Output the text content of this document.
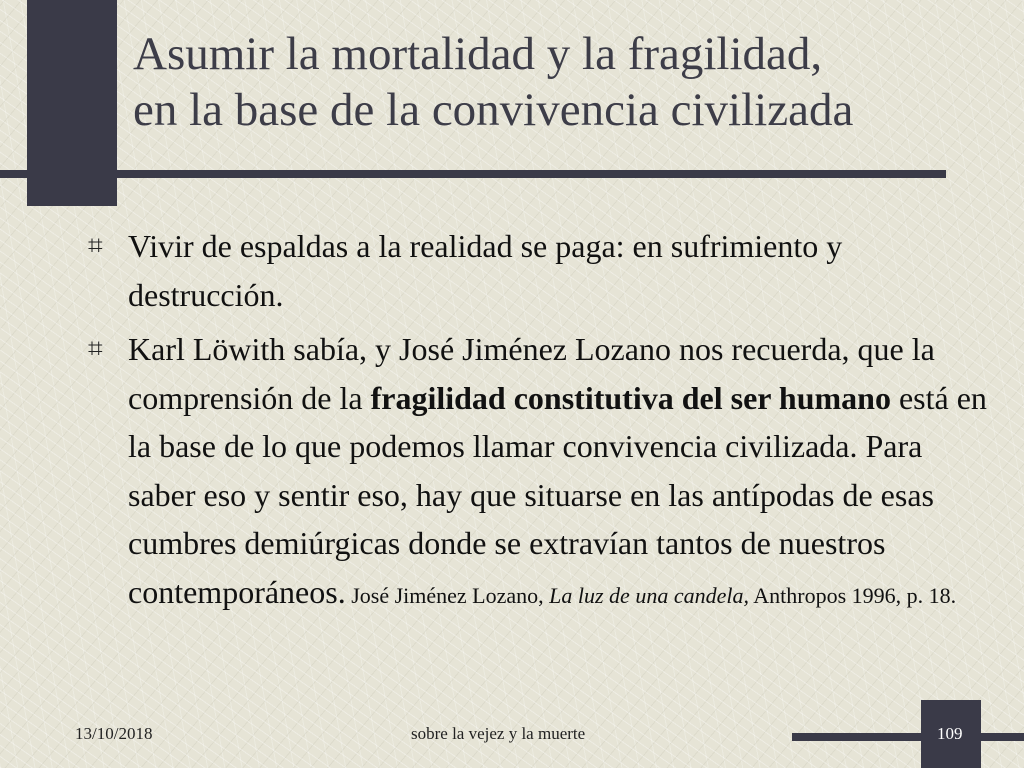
Asumir la mortalidad y la fragilidad,
en la base de la convivencia civilizada
⌗ Vivir de espaldas a la realidad se paga: en sufrimiento y destrucción.
⌗ Karl Löwith sabía, y José Jiménez Lozano nos recuerda, que la comprensión de la fragilidad constitutiva del ser humano está en la base de lo que podemos llamar convivencia civilizada. Para saber eso y sentir eso, hay que situarse en las antípodas de esas cumbres demiúrgicas donde se extravían tantos de nuestros contemporáneos. José Jiménez Lozano, La luz de una candela, Anthropos 1996, p. 18.
13/10/2018	sobre la vejez y la muerte	109
